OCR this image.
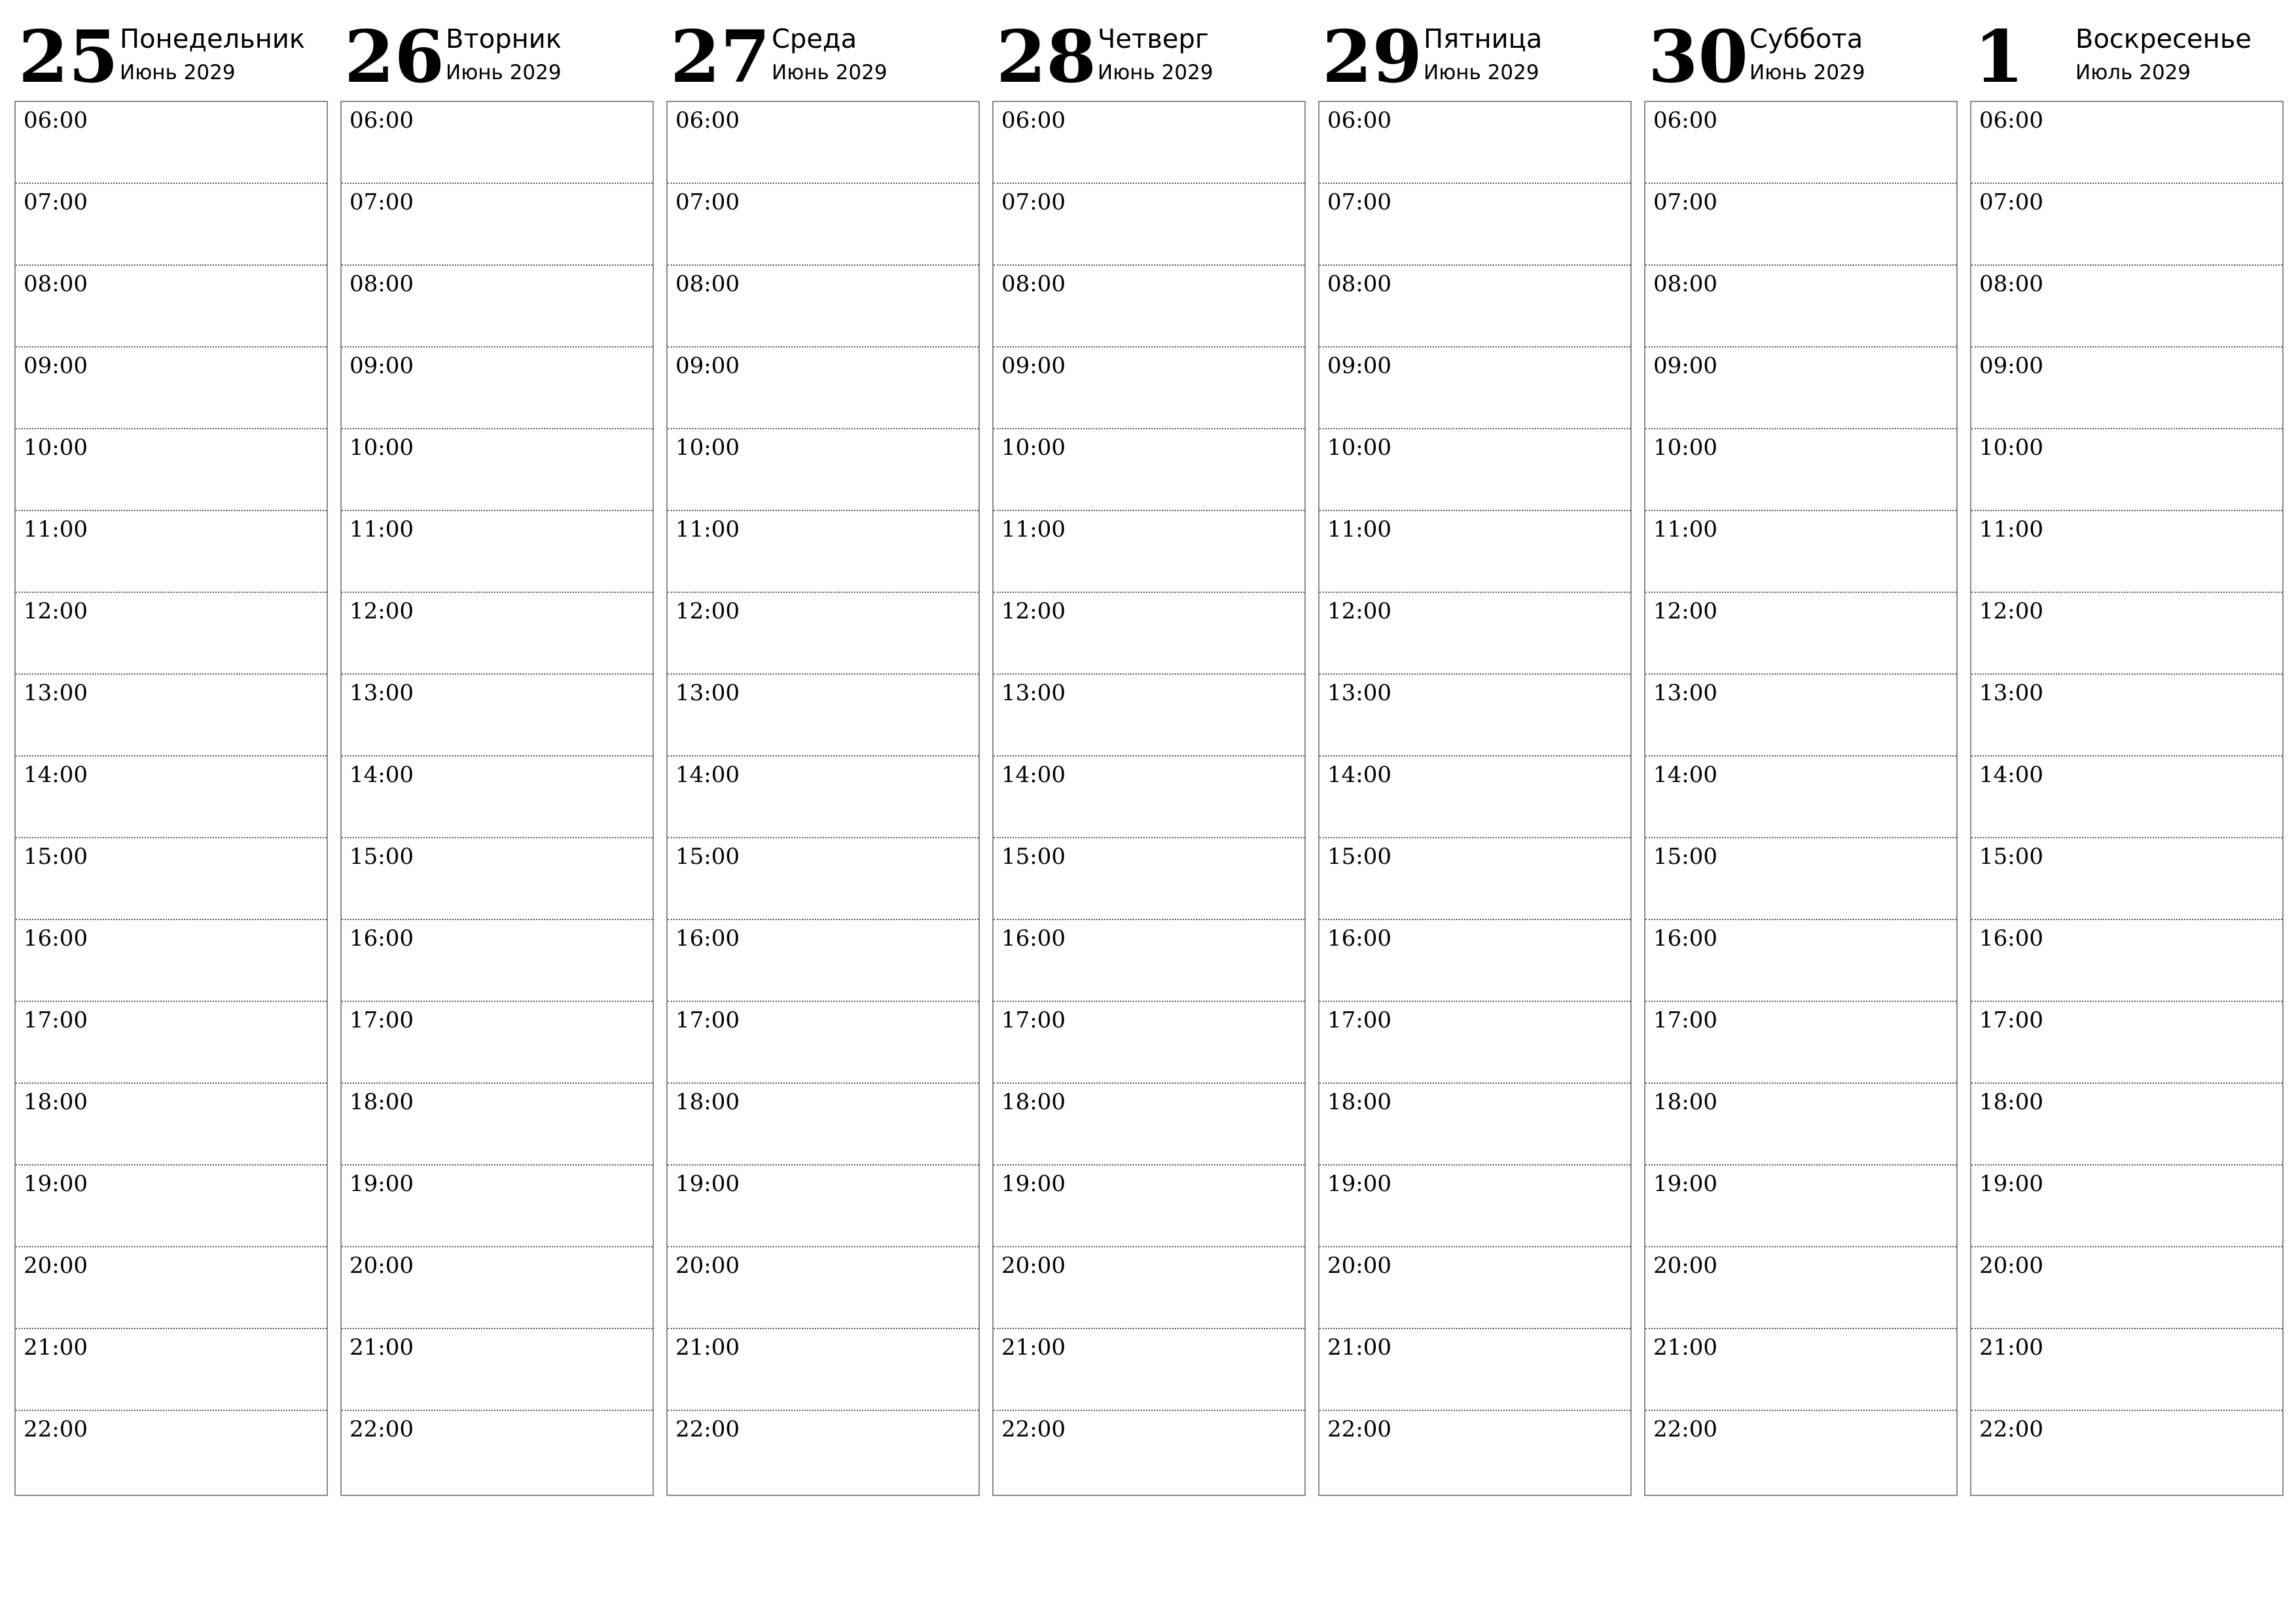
25 Понедельник
Июнь 2029
06:00
07:00
08:00
09:00
10:00
11:00
12:00
13:00
14:00
15:00
16:00
17:00
18:00
19:00
20:00
21:00
22:00
26 Вторник
Июнь 2029
06:00
07:00
08:00
09:00
10:00
11:00
12:00
13:00
14:00
15:00
16:00
17:00
18:00
19:00
20:00
21:00
22:00
27 Среда
Июнь 2029
06:00
07:00
08:00
09:00
10:00
11:00
12:00
13:00
14:00
15:00
16:00
17:00
18:00
19:00
20:00
21:00
22:00
28 Четверг
Июнь 2029
06:00
07:00
08:00
09:00
10:00
11:00
12:00
13:00
14:00
15:00
16:00
17:00
18:00
19:00
20:00
21:00
22:00
29 Пятница
Июнь 2029
06:00
07:00
08:00
09:00
10:00
11:00
12:00
13:00
14:00
15:00
16:00
17:00
18:00
19:00
20:00
21:00
22:00
30 Суббота
Июнь 2029
06:00
07:00
08:00
09:00
10:00
11:00
12:00
13:00
14:00
15:00
16:00
17:00
18:00
19:00
20:00
21:00
22:00
1 Воскресенье
Июль 2029
06:00
07:00
08:00
09:00
10:00
11:00
12:00
13:00
14:00
15:00
16:00
17:00
18:00
19:00
20:00
21:00
22:00
